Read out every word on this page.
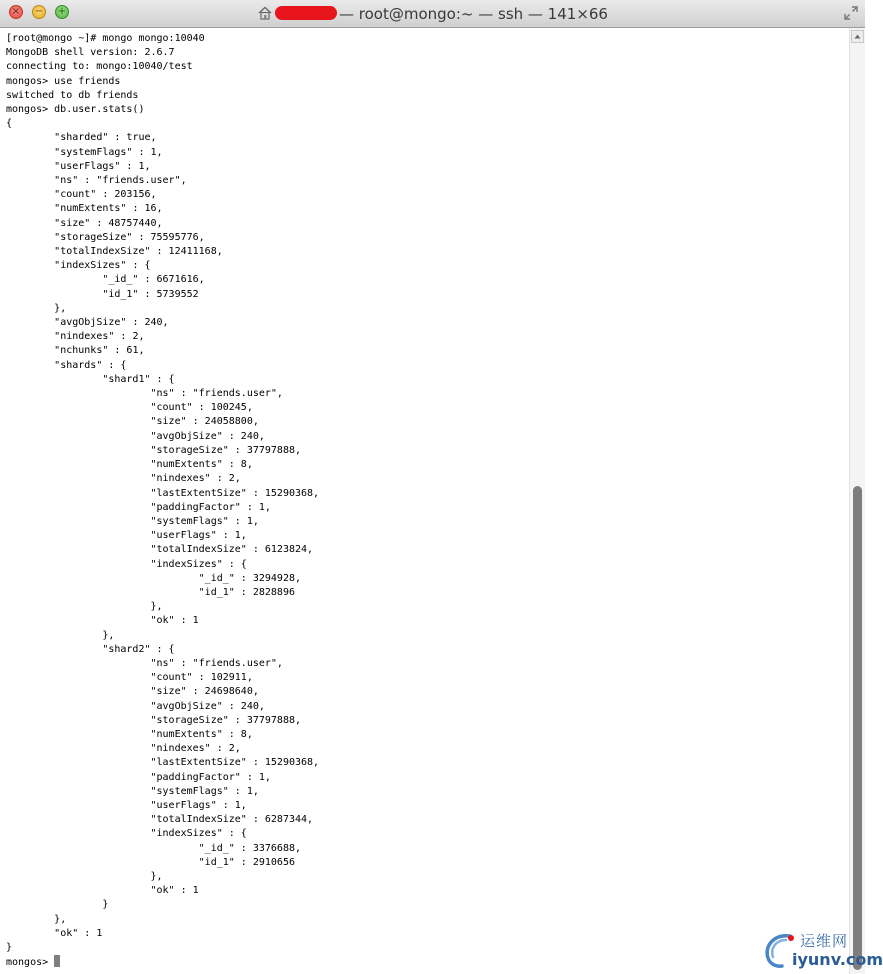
× − +	— root@mongo:~ — ssh — 141×66
[root@mongo ~]# mongo mongo:10040
MongoDB shell version: 2.6.7
connecting to: mongo:10040/test
mongos> use friends
switched to db friends
mongos> db.user.stats()
{
	"sharded" : true,
	"systemFlags" : 1,
	"userFlags" : 1,
	"ns" : "friends.user",
	"count" : 203156,
	"numExtents" : 16,
	"size" : 48757440,
	"storageSize" : 75595776,
	"totalIndexSize" : 12411168,
	"indexSizes" : {
		"_id_" : 6671616,
		"id_1" : 5739552
	},
	"avgObjSize" : 240,
	"nindexes" : 2,
	"nchunks" : 61,
	"shards" : {
		"shard1" : {
			"ns" : "friends.user",
			"count" : 100245,
			"size" : 24058800,
			"avgObjSize" : 240,
			"storageSize" : 37797888,
			"numExtents" : 8,
			"nindexes" : 2,
			"lastExtentSize" : 15290368,
			"paddingFactor" : 1,
			"systemFlags" : 1,
			"userFlags" : 1,
			"totalIndexSize" : 6123824,
			"indexSizes" : {
				"_id_" : 3294928,
				"id_1" : 2828896
			},
			"ok" : 1
		},
		"shard2" : {
			"ns" : "friends.user",
			"count" : 102911,
			"size" : 24698640,
			"avgObjSize" : 240,
			"storageSize" : 37797888,
			"numExtents" : 8,
			"nindexes" : 2,
			"lastExtentSize" : 15290368,
			"paddingFactor" : 1,
			"systemFlags" : 1,
			"userFlags" : 1,
			"totalIndexSize" : 6287344,
			"indexSizes" : {
				"_id_" : 3376688,
				"id_1" : 2910656
			},
			"ok" : 1
		}
	},
	"ok" : 1
}
mongos>
运维网
iyunv.com
